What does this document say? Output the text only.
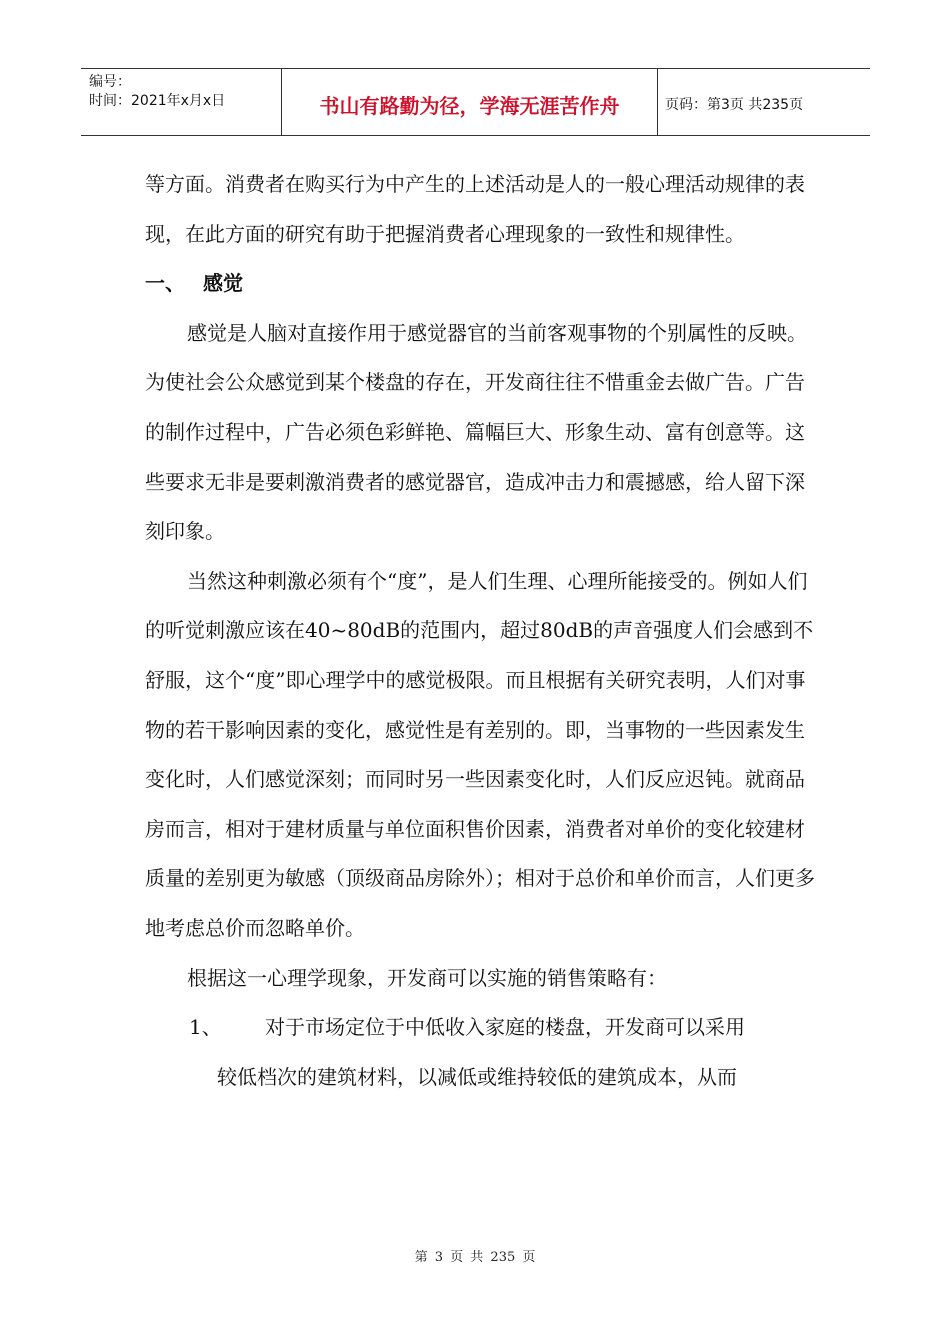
编号：
时间：2021年x月x日	书山有路勤为径，学海无涯苦作舟	页码：第3页 共235页

等方面。消费者在购买行为中产生的上述活动是人的一般心理活动规律的表现，在此方面的研究有助于把握消费者心理现象的一致性和规律性。

一、 感觉

感觉是人脑对直接作用于感觉器官的当前客观事物的个别属性的反映。为使社会公众感觉到某个楼盘的存在，开发商往往不惜重金去做广告。广告的制作过程中，广告必须色彩鲜艳、篇幅巨大、形象生动、富有创意等。这些要求无非是要刺激消费者的感觉器官，造成冲击力和震撼感，给人留下深刻印象。

当然这种刺激必须有个“度”，是人们生理、心理所能接受的。例如人们的听觉刺激应该在40~80dB的范围内，超过80dB的声音强度人们会感到不舒服，这个“度”即心理学中的感觉极限。而且根据有关研究表明，人们对事物的若干影响因素的变化，感觉性是有差别的。即，当事物的一些因素发生变化时，人们感觉深刻；而同时另一些因素变化时，人们反应迟钝。就商品房而言，相对于建材质量与单位面积售价因素，消费者对单价的变化较建材质量的差别更为敏感（顶级商品房除外）；相对于总价和单价而言，人们更多地考虑总价而忽略单价。

根据这一心理学现象，开发商可以实施的销售策略有：

1、	对于市场定位于中低收入家庭的楼盘，开发商可以采用
较低档次的建筑材料，以减低或维持较低的建筑成本，从而
第 3 页 共 235 页
